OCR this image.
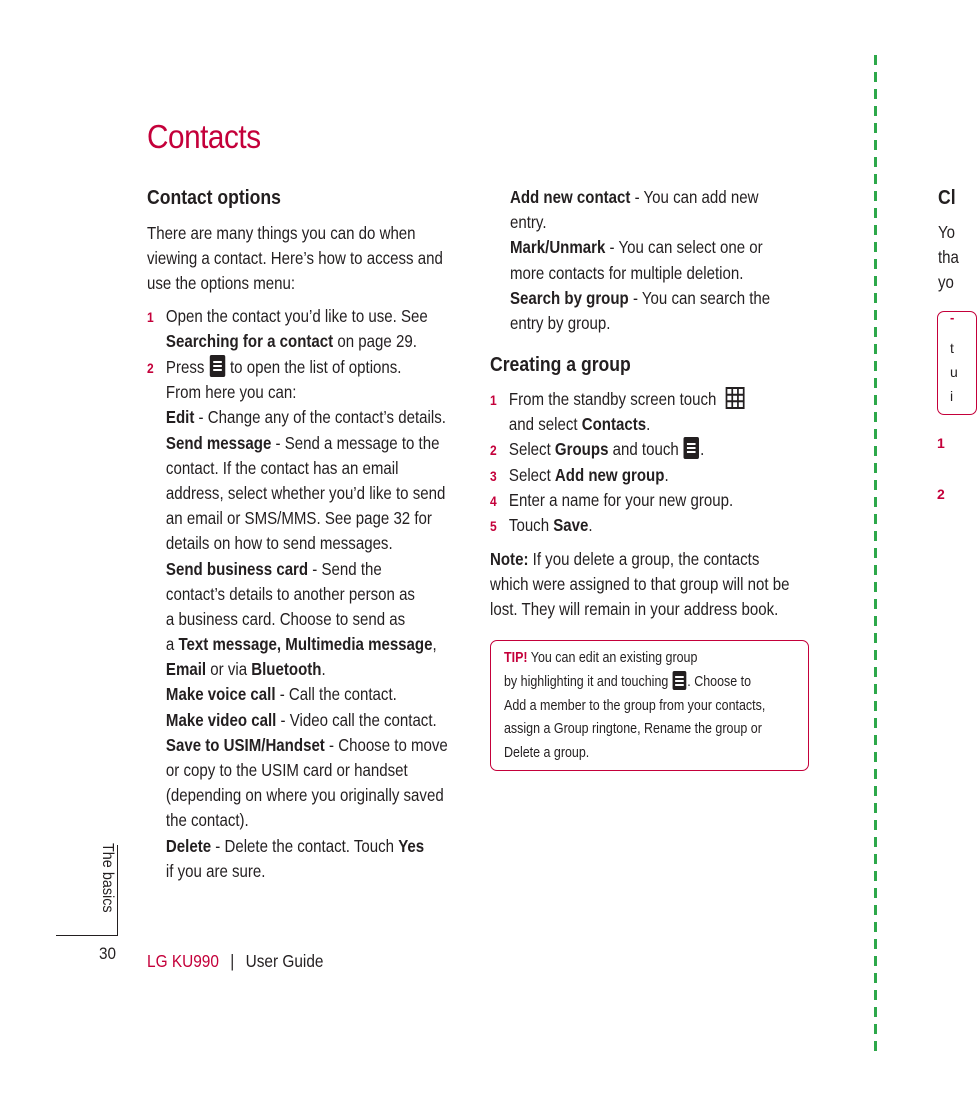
Contacts
Contact options
There are many things you can do when
viewing a contact. Here’s how to access and
use the options menu:
1 Open the contact you’d like to use. See
Searching for a contact on page 29.
2 Press
to open the list of options.
From here you can:
Edit - Change any of the contact’s details.
Send message - Send a message to the
contact. If the contact has an email
address, select whether you’d like to send
an email or SMS/MMS. See page 32 for
details on how to send messages.
Send business card - Send the
contact’s details to another person as
a business card. Choose to send as
a Text message, Multimedia message,
Email or via Bluetooth.
Make voice call - Call the contact.
Make video call - Video call the contact.
Save to USIM/Handset - Choose to move
or copy to the USIM card or handset
(depending on where you originally saved
the contact).
Delete - Delete the contact. Touch Yes
if you are sure.
Add new contact - You can add new
entry.
Mark/Unmark - You can select one or
more contacts for multiple deletion.
Search by group - You can search the
entry by group.
Creating a group
1 From the standby screen touch
and select Contacts.
2 Select Groups and touch
.
3 Select Add new group.
4 Enter a name for your new group.
5 Touch Save.
Note: If you delete a group, the contacts
which were assigned to that group will not be
lost. They will remain in your address book.
TIP! You can edit an existing group
by highlighting it and touching
. Choose to
Add a member to the group from your contacts,
assign a Group ringtone, Rename the group or
Delete a group.
Cl
Yo
tha
yo
-
t
u
i
1
2
The basics
30 LG KU990 | User Guide
